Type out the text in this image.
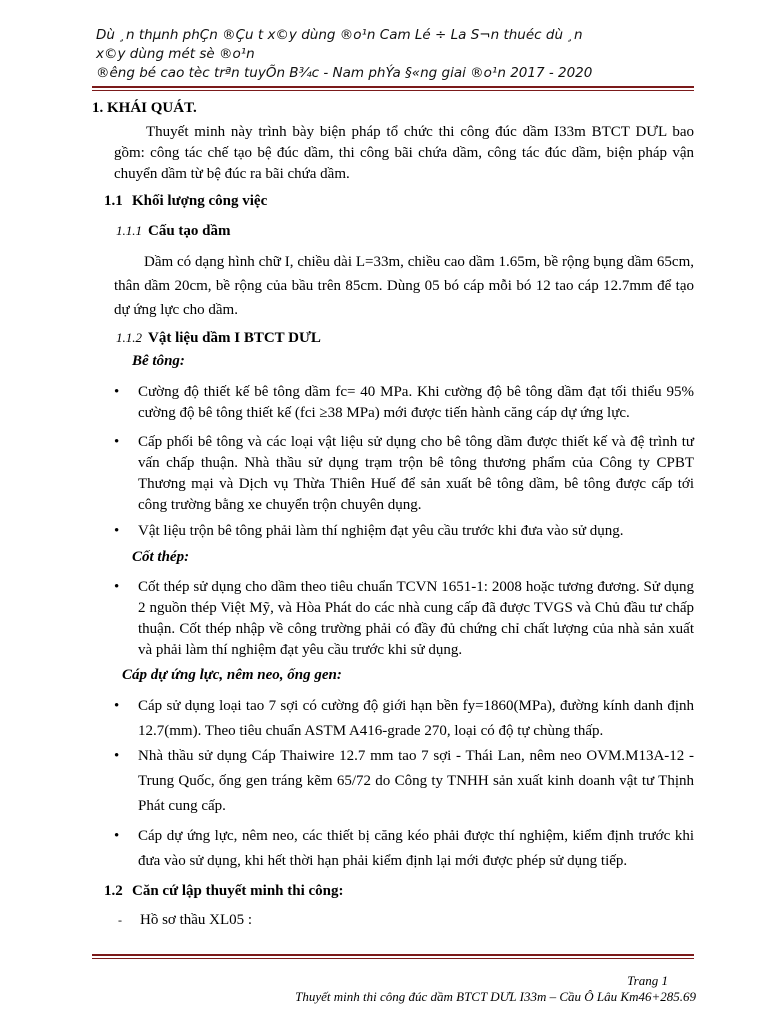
Dù ¸n thµnh phÇn ®Çu t x©y dùng ®o¹n Cam Lé ÷ La S¬n thuéc dù ¸n
x©y dùng mét sè ®o¹n
®êng bé cao tèc trªn tuyÕn B¾c - Nam phÝa §«ng giai ®o¹n 2017 - 2020
1. KHÁI QUÁT.
Thuyết minh này trình bày biện pháp tổ chức thi công đúc dầm I33m BTCT DƯL bao gồm: công tác chế tạo bệ đúc dầm, thi công bãi chứa dầm, công tác đúc dầm, biện pháp vận chuyển dầm từ bệ đúc ra bãi chứa dầm.
1.1 Khối lượng công việc
1.1.1 Cấu tạo dầm
Dầm có dạng hình chữ I, chiều dài L=33m, chiều cao dầm 1.65m, bề rộng bụng dầm 65cm, thân dầm 20cm, bề rộng của bầu trên 85cm. Dùng 05 bó cáp mỗi bó 12 tao cáp 12.7mm để tạo dự ứng lực cho dầm.
1.1.2 Vật liệu dầm I BTCT DƯL
Bê tông:
•	Cường độ thiết kế bê tông dầm fc= 40 MPa. Khi cường độ bê tông dầm đạt tối thiểu 95% cường độ bê tông thiết kế (fci ≥38 MPa) mới được tiến hành căng cáp dự ứng lực.
•	Cấp phối bê tông và các loại vật liệu sử dụng cho bê tông dầm được thiết kế và đệ trình tư vấn chấp thuận. Nhà thầu sử dụng trạm trộn bê tông thương phẩm của Công ty CPBT Thương mại và Dịch vụ Thừa Thiên Huế để sản xuất bê tông dầm, bê tông được cấp tới công trường bằng xe chuyển trộn chuyên dụng.
•	Vật liệu trộn bê tông phải làm thí nghiệm đạt yêu cầu trước khi đưa vào sử dụng.
Cốt thép:
•	Cốt thép sử dụng cho dầm theo tiêu chuẩn TCVN 1651-1: 2008 hoặc tương đương. Sử dụng 2 nguồn thép Việt Mỹ, và Hòa Phát do các nhà cung cấp đã được TVGS và Chủ đầu tư chấp thuận. Cốt thép nhập về công trường phải có đầy đủ chứng chỉ chất lượng của nhà sản xuất và phải làm thí nghiệm đạt yêu cầu trước khi sử dụng.
Cáp dự ứng lực, nêm neo, ống gen:
•	Cáp sử dụng loại tao 7 sợi có cường độ giới hạn bền fy=1860(MPa), đường kính danh định 12.7(mm). Theo tiêu chuẩn ASTM A416-grade 270, loại có độ tự chùng thấp.
•	Nhà thầu sử dụng Cáp Thaiwire 12.7 mm tao 7 sợi - Thái Lan, nêm neo OVM.M13A-12 - Trung Quốc, ống gen tráng kẽm 65/72 do Công ty TNHH sản xuất kinh doanh vật tư Thịnh Phát cung cấp.
•	Cáp dự ứng lực, nêm neo, các thiết bị căng kéo phải được thí nghiệm, kiểm định trước khi đưa vào sử dụng, khi hết thời hạn phải kiểm định lại mới được phép sử dụng tiếp.
1.2 Căn cứ lập thuyết minh thi công:
- Hồ sơ thầu XL05 :
Trang 1
Thuyết minh thi công đúc dầm BTCT DƯL I33m – Cầu Ô Lâu Km46+285.69
